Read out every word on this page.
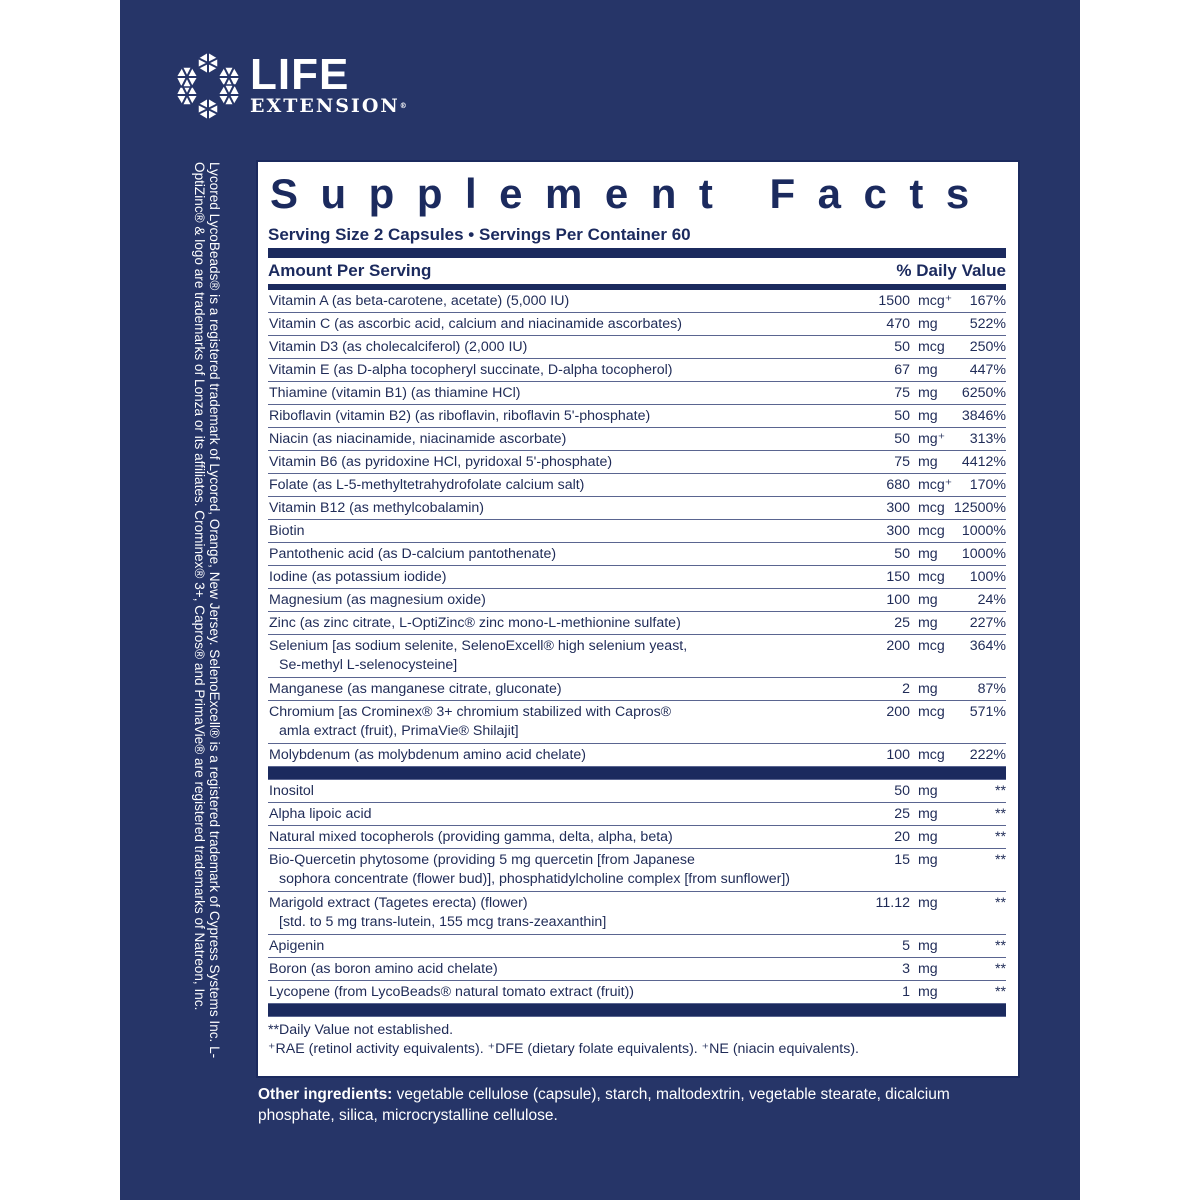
LIFE
EXTENSION®
Lycored LycoBeads® is a registered trademark of Lycored, Orange, New Jersey. SelenoExcell® is a registered trademark of Cypress Systems Inc. L-OptiZinc® & logo are trademarks of Lonza or its affiliates. Crominex® 3+, Capros® and PrimaVie® are registered trademarks of Natreon, Inc.	Supplement Facts
Serving Size 2 Capsules • Servings Per Container 60
Amount Per Serving	% Daily Value
Vitamin A (as beta-carotene, acetate) (5,000 IU)	1500	mcg⁺	167%
Vitamin C (as ascorbic acid, calcium and niacinamide ascorbates)	470	mg	522%
Vitamin D3 (as cholecalciferol) (2,000 IU)	50	mcg	250%
Vitamin E (as D-alpha tocopheryl succinate, D-alpha tocopherol)	67	mg	447%
Thiamine (vitamin B1) (as thiamine HCl)	75	mg	6250%
Riboflavin (vitamin B2) (as riboflavin, riboflavin 5'-phosphate)	50	mg	3846%
Niacin (as niacinamide, niacinamide ascorbate)	50	mg⁺	313%
Vitamin B6 (as pyridoxine HCl, pyridoxal 5'-phosphate)	75	mg	4412%
Folate (as L-5-methyltetrahydrofolate calcium salt)	680	mcg⁺	170%
Vitamin B12 (as methylcobalamin)	300	mcg	12500%
Biotin	300	mcg	1000%
Pantothenic acid (as D-calcium pantothenate)	50	mg	1000%
Iodine (as potassium iodide)	150	mcg	100%
Magnesium (as magnesium oxide)	100	mg	24%
Zinc (as zinc citrate, L-OptiZinc® zinc mono-L-methionine sulfate)	25	mg	227%
Selenium [as sodium selenite, SelenoExcell® high selenium yeast,
Se-methyl L-selenocysteine]	200	mcg	364%
Manganese (as manganese citrate, gluconate)	2	mg	87%
Chromium [as Crominex® 3+ chromium stabilized with Capros®
amla extract (fruit), PrimaVie® Shilajit]	200	mcg	571%
Molybdenum (as molybdenum amino acid chelate)	100	mcg	222%

Inositol	50	mg	**
Alpha lipoic acid	25	mg	**
Natural mixed tocopherols (providing gamma, delta, alpha, beta)	20	mg	**
Bio-Quercetin phytosome (providing 5 mg quercetin [from Japanese
sophora concentrate (flower bud)], phosphatidylcholine complex [from sunflower])	15	mg	**
Marigold extract (Tagetes erecta) (flower)
[std. to 5 mg trans-lutein, 155 mcg trans-zeaxanthin]	11.12	mg	**
Apigenin	5	mg	**
Boron (as boron amino acid chelate)	3	mg	**
Lycopene (from LycoBeads® natural tomato extract (fruit))	1	mg	**

**Daily Value not established.
⁺RAE (retinol activity equivalents). ⁺DFE (dietary folate equivalents). ⁺NE (niacin equivalents).
Other ingredients: vegetable cellulose (capsule), starch, maltodextrin, vegetable stearate, dicalcium phosphate, silica, microcrystalline cellulose.
